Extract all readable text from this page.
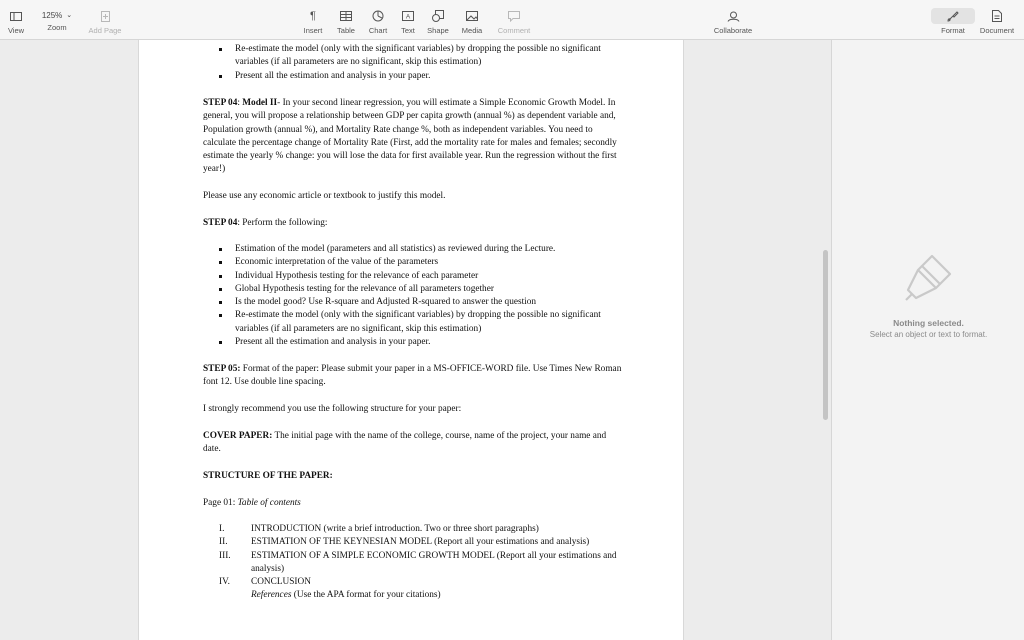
View
125% ⌄
Zoom	Add Page
¶
Insert Table Chart
A
Text Shape Media Comment	Collaborate	Format Document
Re-estimate the model (only with the significant variables) by dropping the possible no significant variables (if all parameters are no significant, skip this estimation)
Present all the estimation and analysis in your paper.
STEP 04: Model II- In your second linear regression, you will estimate a Simple Economic Growth Model. In general, you will propose a relationship between GDP per capita growth (annual %) as dependent variable and, Population growth (annual %), and Mortality Rate change %, both as independent variables. You need to calculate the percentage change of Mortality Rate (First, add the mortality rate for males and females; secondly estimate the yearly % change: you will lose the data for first available year. Run the regression without the first year!)
Please use any economic article or textbook to justify this model.
STEP 04: Perform the following:
Estimation of the model (parameters and all statistics) as reviewed during the Lecture.
Economic interpretation of the value of the parameters
Individual Hypothesis testing for the relevance of each parameter
Global Hypothesis testing for the relevance of all parameters together
Is the model good? Use R-square and Adjusted R-squared to answer the question
Re-estimate the model (only with the significant variables) by dropping the possible no significant variables (if all parameters are no significant, skip this estimation)
Present all the estimation and analysis in your paper.
STEP 05: Format of the paper: Please submit your paper in a MS-OFFICE-WORD file. Use Times New Roman font 12. Use double line spacing.
I strongly recommend you use the following structure for your paper:
COVER PAPER: The initial page with the name of the college, course, name of the project, your name and date.
STRUCTURE OF THE PAPER:
Page 01: Table of contents
I.	INTRODUCTION (write a brief introduction. Two or three short paragraphs)
II.	ESTIMATION OF THE KEYNESIAN MODEL (Report all your estimations and analysis)
III. ESTIMATION OF A SIMPLE ECONOMIC GROWTH MODEL (Report all your estimations and analysis)
IV. CONCLUSION
References (Use the APA format for your citations)
Nothing selected.
Select an object or text to format.
